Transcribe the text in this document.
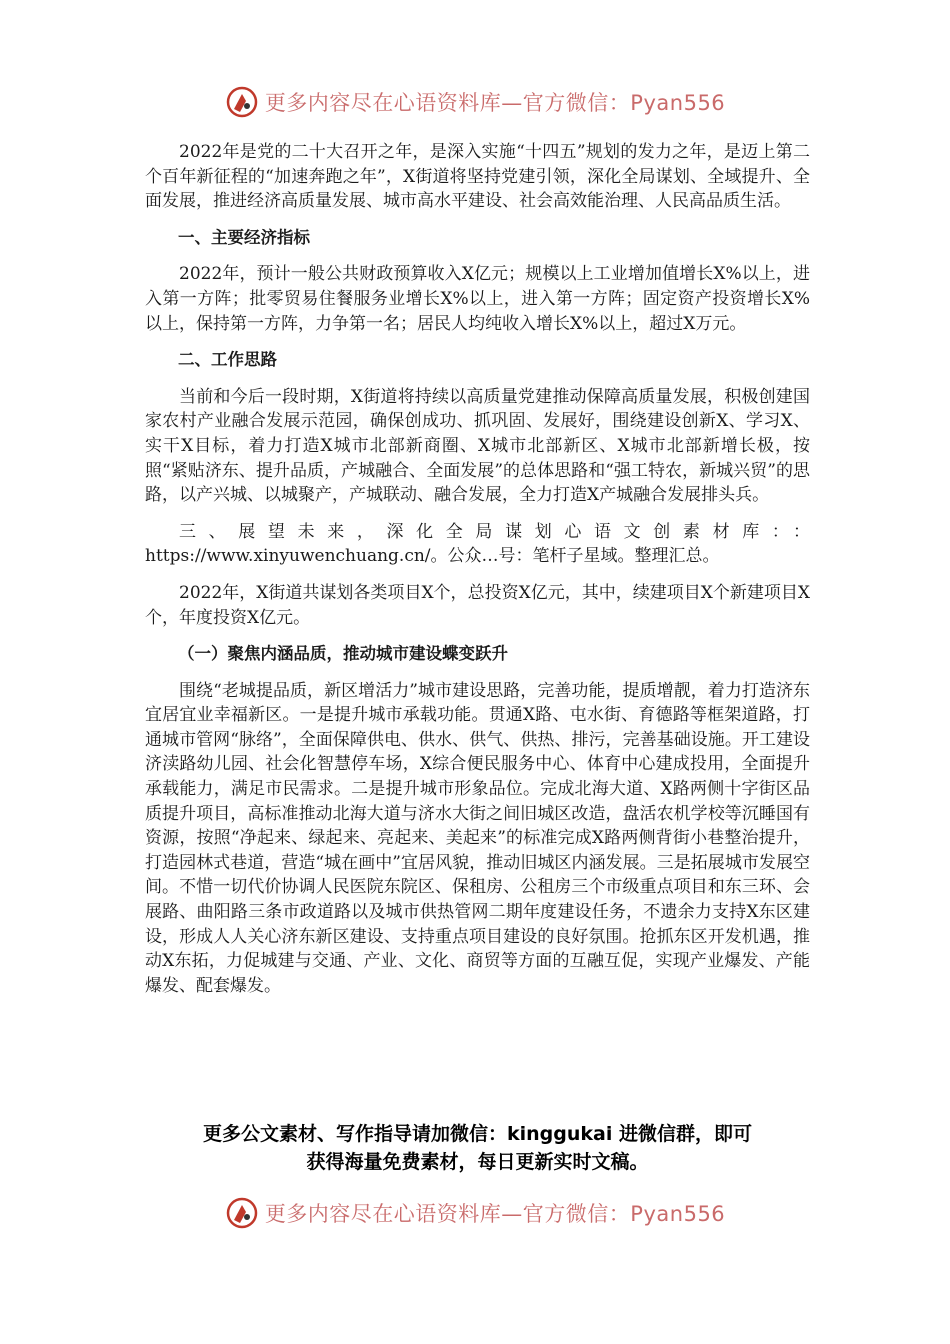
更多内容尽在心语资料库—官方微信：Pyan556

2022年是党的二十大召开之年，是深入实施“十四五”规划的发力之年，是迈上第二个百年新征程的“加速奔跑之年”，X街道将坚持党建引领，深化全局谋划、全域提升、全面发展，推进经济高质量发展、城市高水平建设、社会高效能治理、人民高品质生活。

一、主要经济指标

2022年，预计一般公共财政预算收入X亿元；规模以上工业增加值增长X%以上，进入第一方阵；批零贸易住餐服务业增长X%以上，进入第一方阵；固定资产投资增长X%以上，保持第一方阵，力争第一名；居民人均纯收入增长X%以上，超过X万元。

二、工作思路

当前和今后一段时期，X街道将持续以高质量党建推动保障高质量发展，积极创建国家农村产业融合发展示范园，确保创成功、抓巩固、发展好，围绕建设创新X、学习X、实干X目标，着力打造X城市北部新商圈、X城市北部新区、X城市北部新增长极，按照“紧贴济东、提升品质，产城融合、全面发展”的总体思路和“强工特农，新城兴贸”的思路，以产兴城、以城聚产，产城联动、融合发展，全力打造X产城融合发展排头兵。

三、展望未来，深化全局谋划心语文创素材库：：https://www.xinyuwenchuang.cn/。公众…号：笔杆子星域。整理汇总。

2022年，X街道共谋划各类项目X个，总投资X亿元，其中，续建项目X个新建项目X个，年度投资X亿元。

（一）聚焦内涵品质，推动城市建设蝶变跃升

围绕“老城提品质，新区增活力”城市建设思路，完善功能，提质增靓，着力打造济东宜居宜业幸福新区。一是提升城市承载功能。贯通X路、屯水街、育德路等框架道路，打通城市管网“脉络”，全面保障供电、供水、供气、供热、排污，完善基础设施。开工建设济渎路幼儿园、社会化智慧停车场，X综合便民服务中心、体育中心建成投用，全面提升承载能力，满足市民需求。二是提升城市形象品位。完成北海大道、X路两侧十字街区品质提升项目，高标准推动北海大道与济水大街之间旧城区改造，盘活农机学校等沉睡国有资源，按照“净起来、绿起来、亮起来、美起来”的标准完成X路两侧背街小巷整治提升，打造园林式巷道，营造“城在画中”宜居风貌，推动旧城区内涵发展。三是拓展城市发展空间。不惜一切代价协调人民医院东院区、保租房、公租房三个市级重点项目和东三环、会展路、曲阳路三条市政道路以及城市供热管网二期年度建设任务，不遗余力支持X东区建设，形成人人关心济东新区建设、支持重点项目建设的良好氛围。抢抓东区开发机遇，推动X东拓，力促城建与交通、产业、文化、商贸等方面的互融互促，实现产业爆发、产能爆发、配套爆发。

更多公文素材、写作指导请加微信：kinggukai 进微信群，即可
获得海量免费素材，每日更新实时文稿。
更多内容尽在心语资料库—官方微信：Pyan556
